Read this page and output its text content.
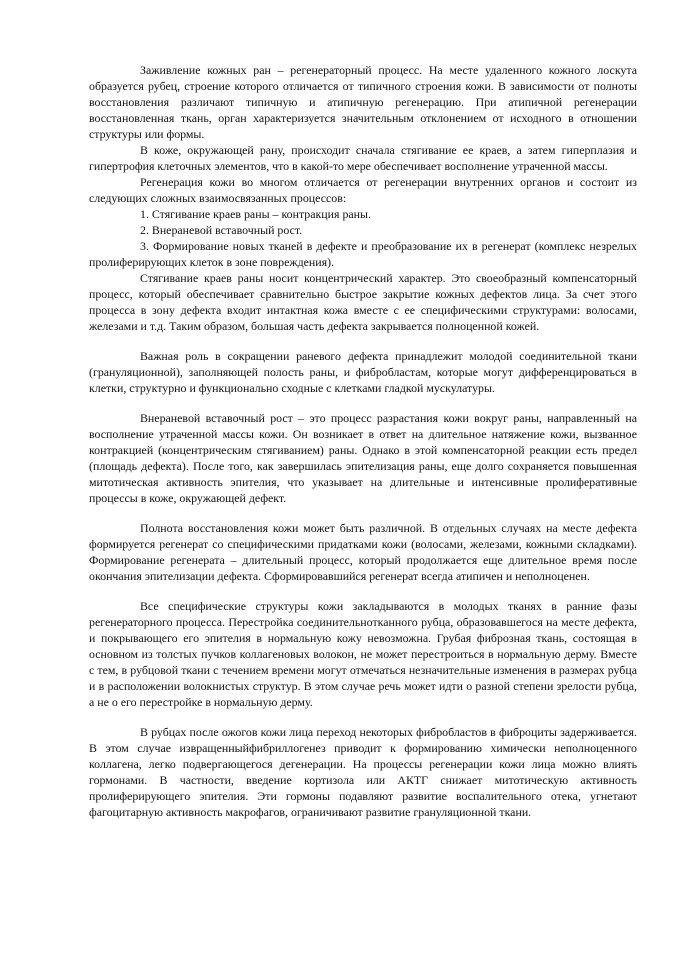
Заживление кожных ран – регенераторный процесс. На месте удаленного кожного лоскута образуется рубец, строение которого отличается от типичного строения кожи. В зависимости от полноты восстановления различают типичную и атипичную регенерацию. При атипичной регенерации восстановленная ткань, орган характеризуется значительным отклонением от исходного в отношении структуры или формы.

В коже, окружающей рану, происходит сначала стягивание ее краев, а затем гиперплазия и гипертрофия клеточных элементов, что в какой-то мере обеспечивает восполнение утраченной массы.

Регенерация кожи во многом отличается от регенерации внутренних органов и состоит из следующих сложных взаимосвязанных процессов:

1. Стягивание краев раны – контракция раны.

2. Внераневой вставочный рост.

3. Формирование новых тканей в дефекте и преобразование их в регенерат (комплекс незрелых пролиферирующих клеток в зоне повреждения).

Стягивание краев раны носит концентрический характер. Это своеобразный компенсаторный процесс, который обеспечивает сравнительно быстрое закрытие кожных дефектов лица. За счет этого процесса в зону дефекта входит интактная кожа вместе с ее специфическими структурами: волосами, железами и т.д. Таким образом, большая часть дефекта закрывается полноценной кожей.

Важная роль в сокращении раневого дефекта принадлежит молодой соединительной ткани (грануляционной), заполняющей полость раны, и фибробластам, которые могут дифференцироваться в клетки, структурно и функционально сходные с клетками гладкой мускулатуры.

Внераневой вставочный рост – это процесс разрастания кожи вокруг раны, направленный на восполнение утраченной массы кожи. Он возникает в ответ на длительное натяжение кожи, вызванное контракцией (концентрическим стягиванием) раны. Однако в этой компенсаторной реакции есть предел (площадь дефекта). После того, как завершилась эпителизация раны, еще долго сохраняется повышенная митотическая активность эпителия, что указывает на длительные и интенсивные пролиферативные процессы в коже, окружающей дефект.

Полнота восстановления кожи может быть различной. В отдельных случаях на месте дефекта формируется регенерат со специфическими придатками кожи (волосами, железами, кожными складками). Формирование регенерата – длительный процесс, который продолжается еще длительное время после окончания эпителизации дефекта. Сформировавшийся регенерат всегда атипичен и неполноценен.

Все специфические структуры кожи закладываются в молодых тканях в ранние фазы регенераторного процесса. Перестройка соединительнотканного рубца, образовавшегося на месте дефекта, и покрывающего его эпителия в нормальную кожу невозможна. Грубая фиброзная ткань, состоящая в основном из толстых пучков коллагеновых волокон, не может перестроиться в нормальную дерму. Вместе с тем, в рубцовой ткани с течением времени могут отмечаться незначительные изменения в размерах рубца и в расположении волокнистых структур. В этом случае речь может идти о разной степени зрелости рубца, а не о его перестройке в нормальную дерму.

В рубцах после ожогов кожи лица переход некоторых фибробластов в фиброциты задерживается. В этом случае извращенныйфибриллогенез приводит к формированию химически неполноценного коллагена, легко подвергающегося дегенерации. На процессы регенерации кожи лица можно влиять гормонами. В частности, введение кортизола или АКТГ снижает митотическую активность пролиферирующего эпителия. Эти гормоны подавляют развитие воспалительного отека, угнетают фагоцитарную активность макрофагов, ограничивают развитие грануляционной ткани.
